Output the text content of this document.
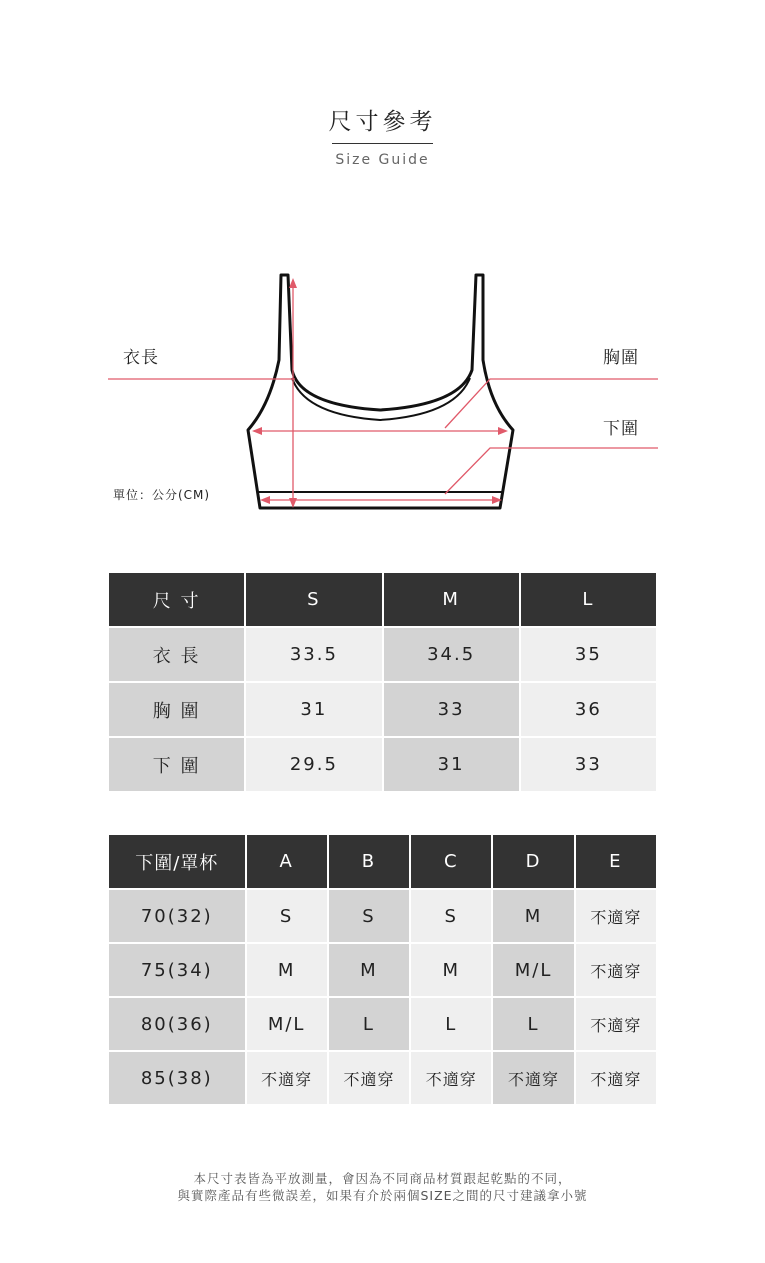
尺寸參考
Size Guide
衣長	胸圍
下圍
單位：公分(CM)
尺 寸	S	M	L
衣 長	33.5	34.5	35
胸 圍	31	33	36
下 圍	29.5	31	33
下圍/罩杯	A	B	C	D	E
70(32)	S	S	S	M	不適穿
75(34)	M	M	M	M/L	不適穿
80(36)	M/L	L	L	L	不適穿
85(38)	不適穿	不適穿	不適穿	不適穿	不適穿
本尺寸表皆為平放測量，會因為不同商品材質跟起乾點的不同，
與實際產品有些微誤差，如果有介於兩個SIZE之間的尺寸建議拿小號
